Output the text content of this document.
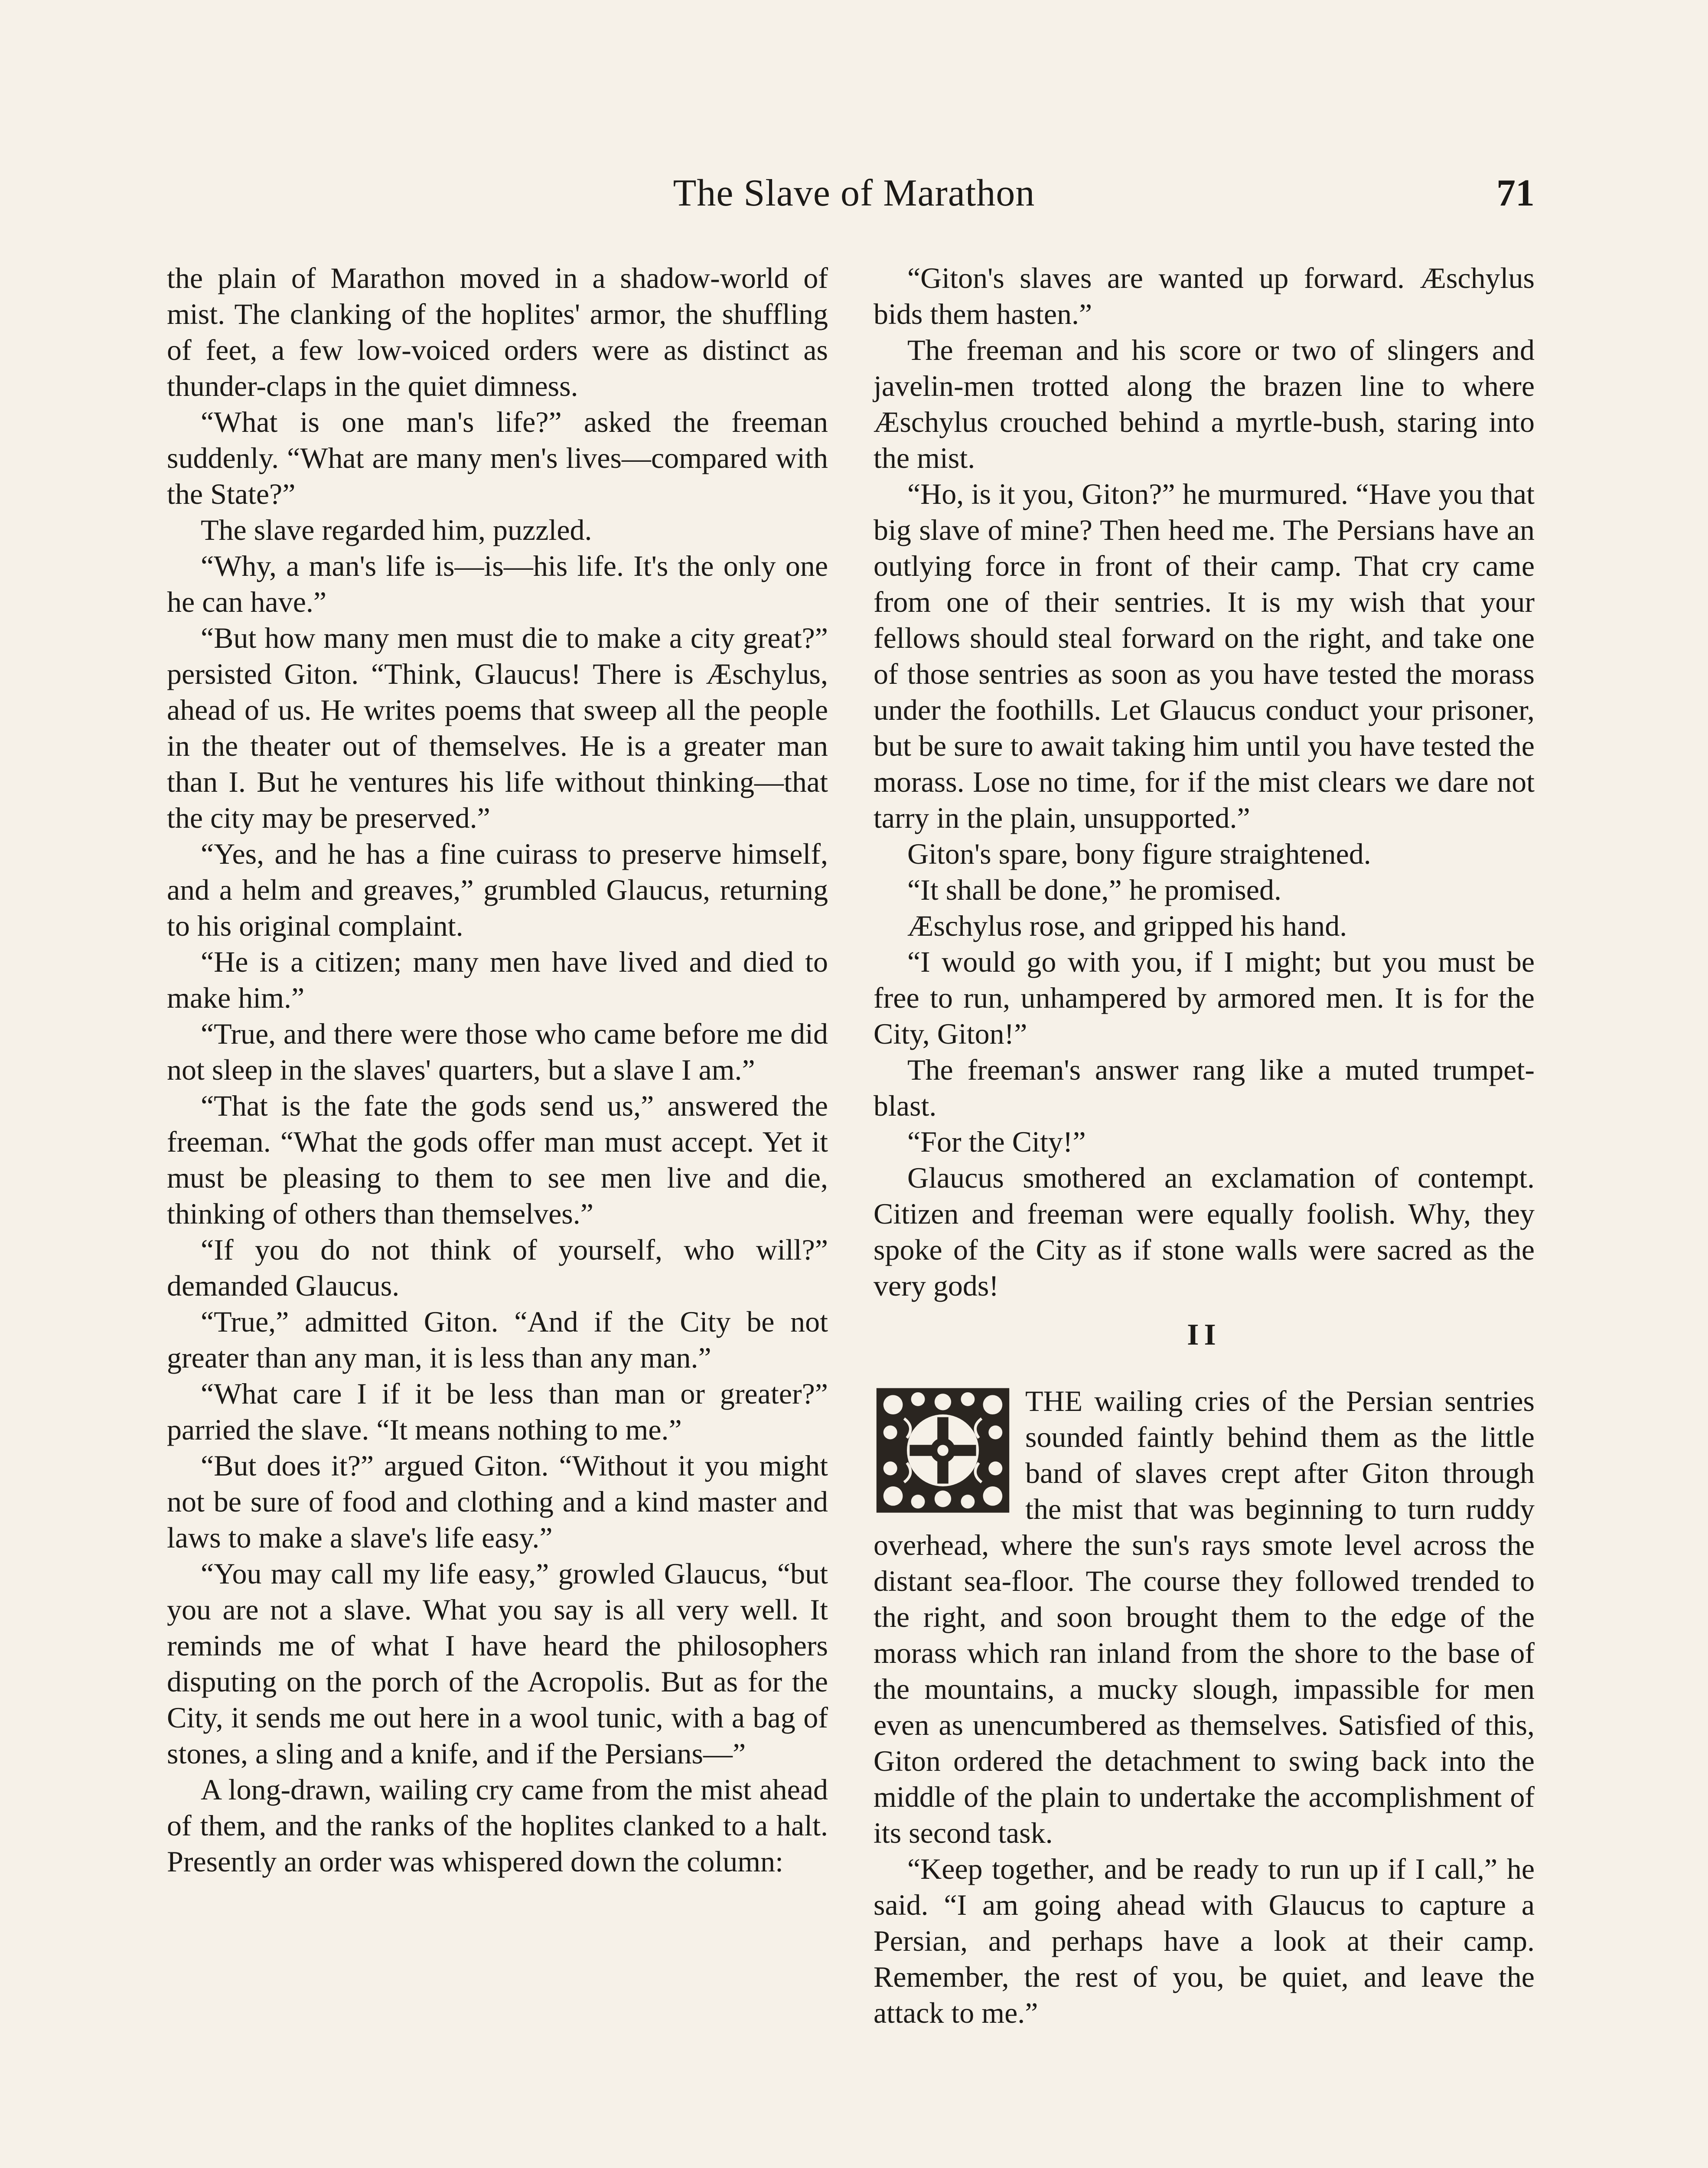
The Slave of Marathon	71

the plain of Marathon moved in a shadow-world of mist. The clanking of the hoplites' armor, the shuffling of feet, a few low-voiced orders were as distinct as thunder-claps in the quiet dimness.

“What is one man's life?” asked the freeman suddenly. “What are many men's lives—compared with the State?”

The slave regarded him, puzzled.

“Why, a man's life is—is—his life. It's the only one he can have.”

“But how many men must die to make a city great?” persisted Giton. “Think, Glaucus! There is Æschylus, ahead of us. He writes poems that sweep all the people in the theater out of themselves. He is a greater man than I. But he ventures his life without thinking—that the city may be preserved.”

“Yes, and he has a fine cuirass to preserve himself, and a helm and greaves,” grumbled Glaucus, returning to his original complaint.

“He is a citizen; many men have lived and died to make him.”

“True, and there were those who came before me did not sleep in the slaves' quarters, but a slave I am.”

“That is the fate the gods send us,” answered the freeman. “What the gods offer man must accept. Yet it must be pleasing to them to see men live and die, thinking of others than themselves.”

“If you do not think of yourself, who will?” demanded Glaucus.

“True,” admitted Giton. “And if the City be not greater than any man, it is less than any man.”

“What care I if it be less than man or greater?” parried the slave. “It means nothing to me.”

“But does it?” argued Giton. “Without it you might not be sure of food and clothing and a kind master and laws to make a slave's life easy.”

“You may call my life easy,” growled Glaucus, “but you are not a slave. What you say is all very well. It reminds me of what I have heard the philosophers disputing on the porch of the Acropolis. But as for the City, it sends me out here in a wool tunic, with a bag of stones, a sling and a knife, and if the Persians—”

A long-drawn, wailing cry came from the mist ahead of them, and the ranks of the hoplites clanked to a halt. Presently an order was whispered down the column:

“Giton's slaves are wanted up forward. Æschylus bids them hasten.”

The freeman and his score or two of slingers and javelin-men trotted along the brazen line to where Æschylus crouched behind a myrtle-bush, staring into the mist.

“Ho, is it you, Giton?” he murmured. “Have you that big slave of mine? Then heed me. The Persians have an outlying force in front of their camp. That cry came from one of their sentries. It is my wish that your fellows should steal forward on the right, and take one of those sentries as soon as you have tested the morass under the foothills. Let Glaucus conduct your prisoner, but be sure to await taking him until you have tested the morass. Lose no time, for if the mist clears we dare not tarry in the plain, unsupported.”

Giton's spare, bony figure straightened.

“It shall be done,” he promised.

Æschylus rose, and gripped his hand.

“I would go with you, if I might; but you must be free to run, unhampered by armored men. It is for the City, Giton!”

The freeman's answer rang like a muted trumpet-blast.

“For the City!”

Glaucus smothered an exclamation of contempt. Citizen and freeman were equally foolish. Why, they spoke of the City as if stone walls were sacred as the very gods!

II

THE wailing cries of the Persian sentries sounded faintly behind them as the little band of slaves crept after Giton through the mist that was beginning to turn ruddy overhead, where the sun's rays smote level across the distant sea-floor. The course they followed trended to the right, and soon brought them to the edge of the morass which ran inland from the shore to the base of the mountains, a mucky slough, impassible for men even as unencumbered as themselves. Satisfied of this, Giton ordered the detachment to swing back into the middle of the plain to undertake the accomplishment of its second task.

“Keep together, and be ready to run up if I call,” he said. “I am going ahead with Glaucus to capture a Persian, and perhaps have a look at their camp. Remember, the rest of you, be quiet, and leave the attack to me.”
